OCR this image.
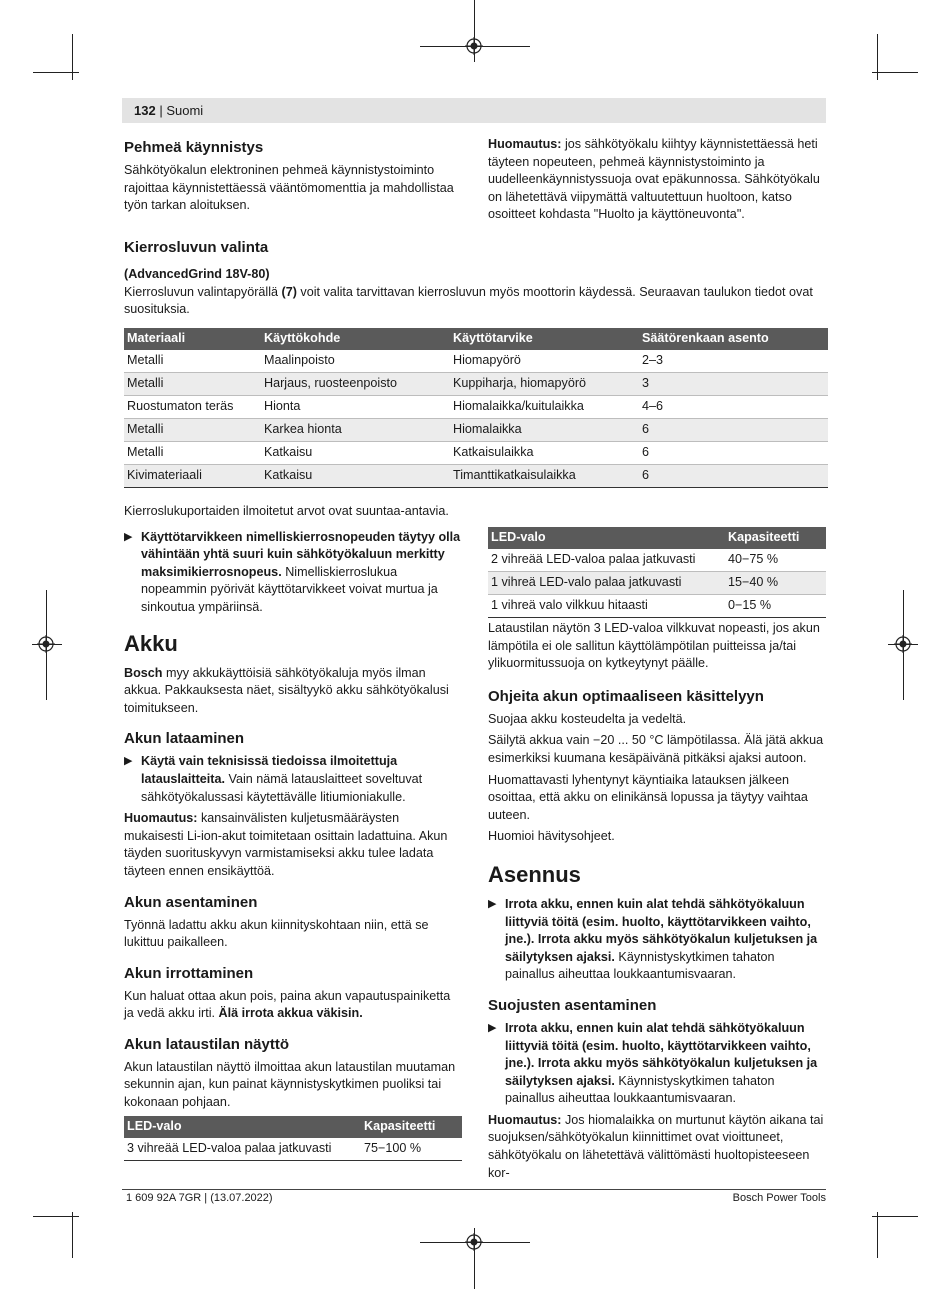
132 | Suomi
Pehmeä käynnistys

Sähkötyökalun elektroninen pehmeä käynnistystoiminto rajoittaa käynnistettäessä vääntömomenttia ja mahdollistaa työn tarkan aloituksen.

Huomautus: jos sähkötyökalu kiihtyy käynnistettäessä heti täyteen nopeuteen, pehmeä käynnistystoiminto ja uudelleenkäynnistyssuoja ovat epäkunnossa. Sähkötyökalu on lähetettävä viipymättä valtuutettuun huoltoon, katso osoitteet kohdasta "Huolto ja käyttöneuvonta".

Kierrosluvun valinta
(AdvancedGrind 18V-80)

Kierrosluvun valintapyörällä (7) voit valita tarvittavan kierrosluvun myös moottorin käydessä. Seuraavan taulukon tiedot ovat suosituksia.

Materiaali	Käyttökohde	Käyttötarvike	Säätörenkaan asento
Metalli	Maalinpoisto	Hiomapyörö	2–3
Metalli	Harjaus, ruosteenpoisto	Kuppiharja, hiomapyörö	3
Ruostumaton teräs	Hionta	Hiomalaikka/kuitulaikka	4–6
Metalli	Karkea hionta	Hiomalaikka	6
Metalli	Katkaisu	Katkaisulaikka	6
Kivimateriaali	Katkaisu	Timanttikatkaisulaikka	6

Kierroslukuportaiden ilmoitetut arvot ovat suuntaa-antavia.

▶ Käyttötarvikkeen nimelliskierrosnopeuden täytyy olla vähintään yhtä suuri kuin sähkötyökaluun merkitty maksimikierrosnopeus. Nimelliskierroslukua nopeammin pyörivät käyttötarvikkeet voivat murtua ja sinkoutua ympäriinsä.
Akku

Bosch myy akkukäyttöisiä sähkötyökaluja myös ilman akkua. Pakkauksesta näet, sisältyykö akku sähkötyökalusi toimitukseen.

Akun lataaminen
▶ Käytä vain teknisissä tiedoissa ilmoitettuja latauslaitteita. Vain nämä latauslaitteet soveltuvat sähkötyökalussasi käytettävälle litiumioniakulle.

Huomautus: kansainvälisten kuljetusmääräysten mukaisesti Li-ion-akut toimitetaan osittain ladattuina. Akun täyden suorituskyvyn varmistamiseksi akku tulee ladata täyteen ennen ensikäyttöä.

Akun asentaminen

Työnnä ladattu akku akun kiinnityskohtaan niin, että se lukittuu paikalleen.

Akun irrottaminen

Kun haluat ottaa akun pois, paina akun vapautuspainiketta ja vedä akku irti. Älä irrota akkua väkisin.

Akun lataustilan näyttö

Akun lataustilan näyttö ilmoittaa akun lataustilan muutaman sekunnin ajan, kun painat käynnistyskytkimen puoliksi tai kokonaan pohjaan.

LED-valo	Kapasiteetti
3 vihreää LED-valoa palaa jatkuvasti	75−100 %
LED-valo	Kapasiteetti
2 vihreää LED-valoa palaa jatkuvasti	40−75 %
1 vihreä LED-valo palaa jatkuvasti	15−40 %
1 vihreä valo vilkkuu hitaasti	0−15 %

Lataustilan näytön 3 LED-valoa vilkkuvat nopeasti, jos akun lämpötila ei ole sallitun käyttölämpötilan puitteissa ja/tai ylikuormitussuoja on kytkeytynyt päälle.

Ohjeita akun optimaaliseen käsittelyyn

Suojaa akku kosteudelta ja vedeltä.

Säilytä akkua vain −20 ... 50 °C lämpötilassa. Älä jätä akkua esimerkiksi kuumana kesäpäivänä pitkäksi ajaksi autoon.

Huomattavasti lyhentynyt käyntiaika latauksen jälkeen osoittaa, että akku on elinikänsä lopussa ja täytyy vaihtaa uuteen.

Huomioi hävitysohjeet.

Asennus
▶ Irrota akku, ennen kuin alat tehdä sähkötyökaluun liittyviä töitä (esim. huolto, käyttötarvikkeen vaihto, jne.). Irrota akku myös sähkötyökalun kuljetuksen ja säilytyksen ajaksi. Käynnistyskytkimen tahaton painallus aiheuttaa loukkaantumisvaaran.
Suojusten asentaminen
▶ Irrota akku, ennen kuin alat tehdä sähkötyökaluun liittyviä töitä (esim. huolto, käyttötarvikkeen vaihto, jne.). Irrota akku myös sähkötyökalun kuljetuksen ja säilytyksen ajaksi. Käynnistyskytkimen tahaton painallus aiheuttaa loukkaantumisvaaran.

Huomautus: Jos hiomalaikka on murtunut käytön aikana tai suojuksen/sähkötyökalun kiinnittimet ovat vioittuneet, sähkötyökalu on lähetettävä välittömästi huoltopisteeseen kor-

1 609 92A 7GR | (13.07.2022)	Bosch Power Tools
